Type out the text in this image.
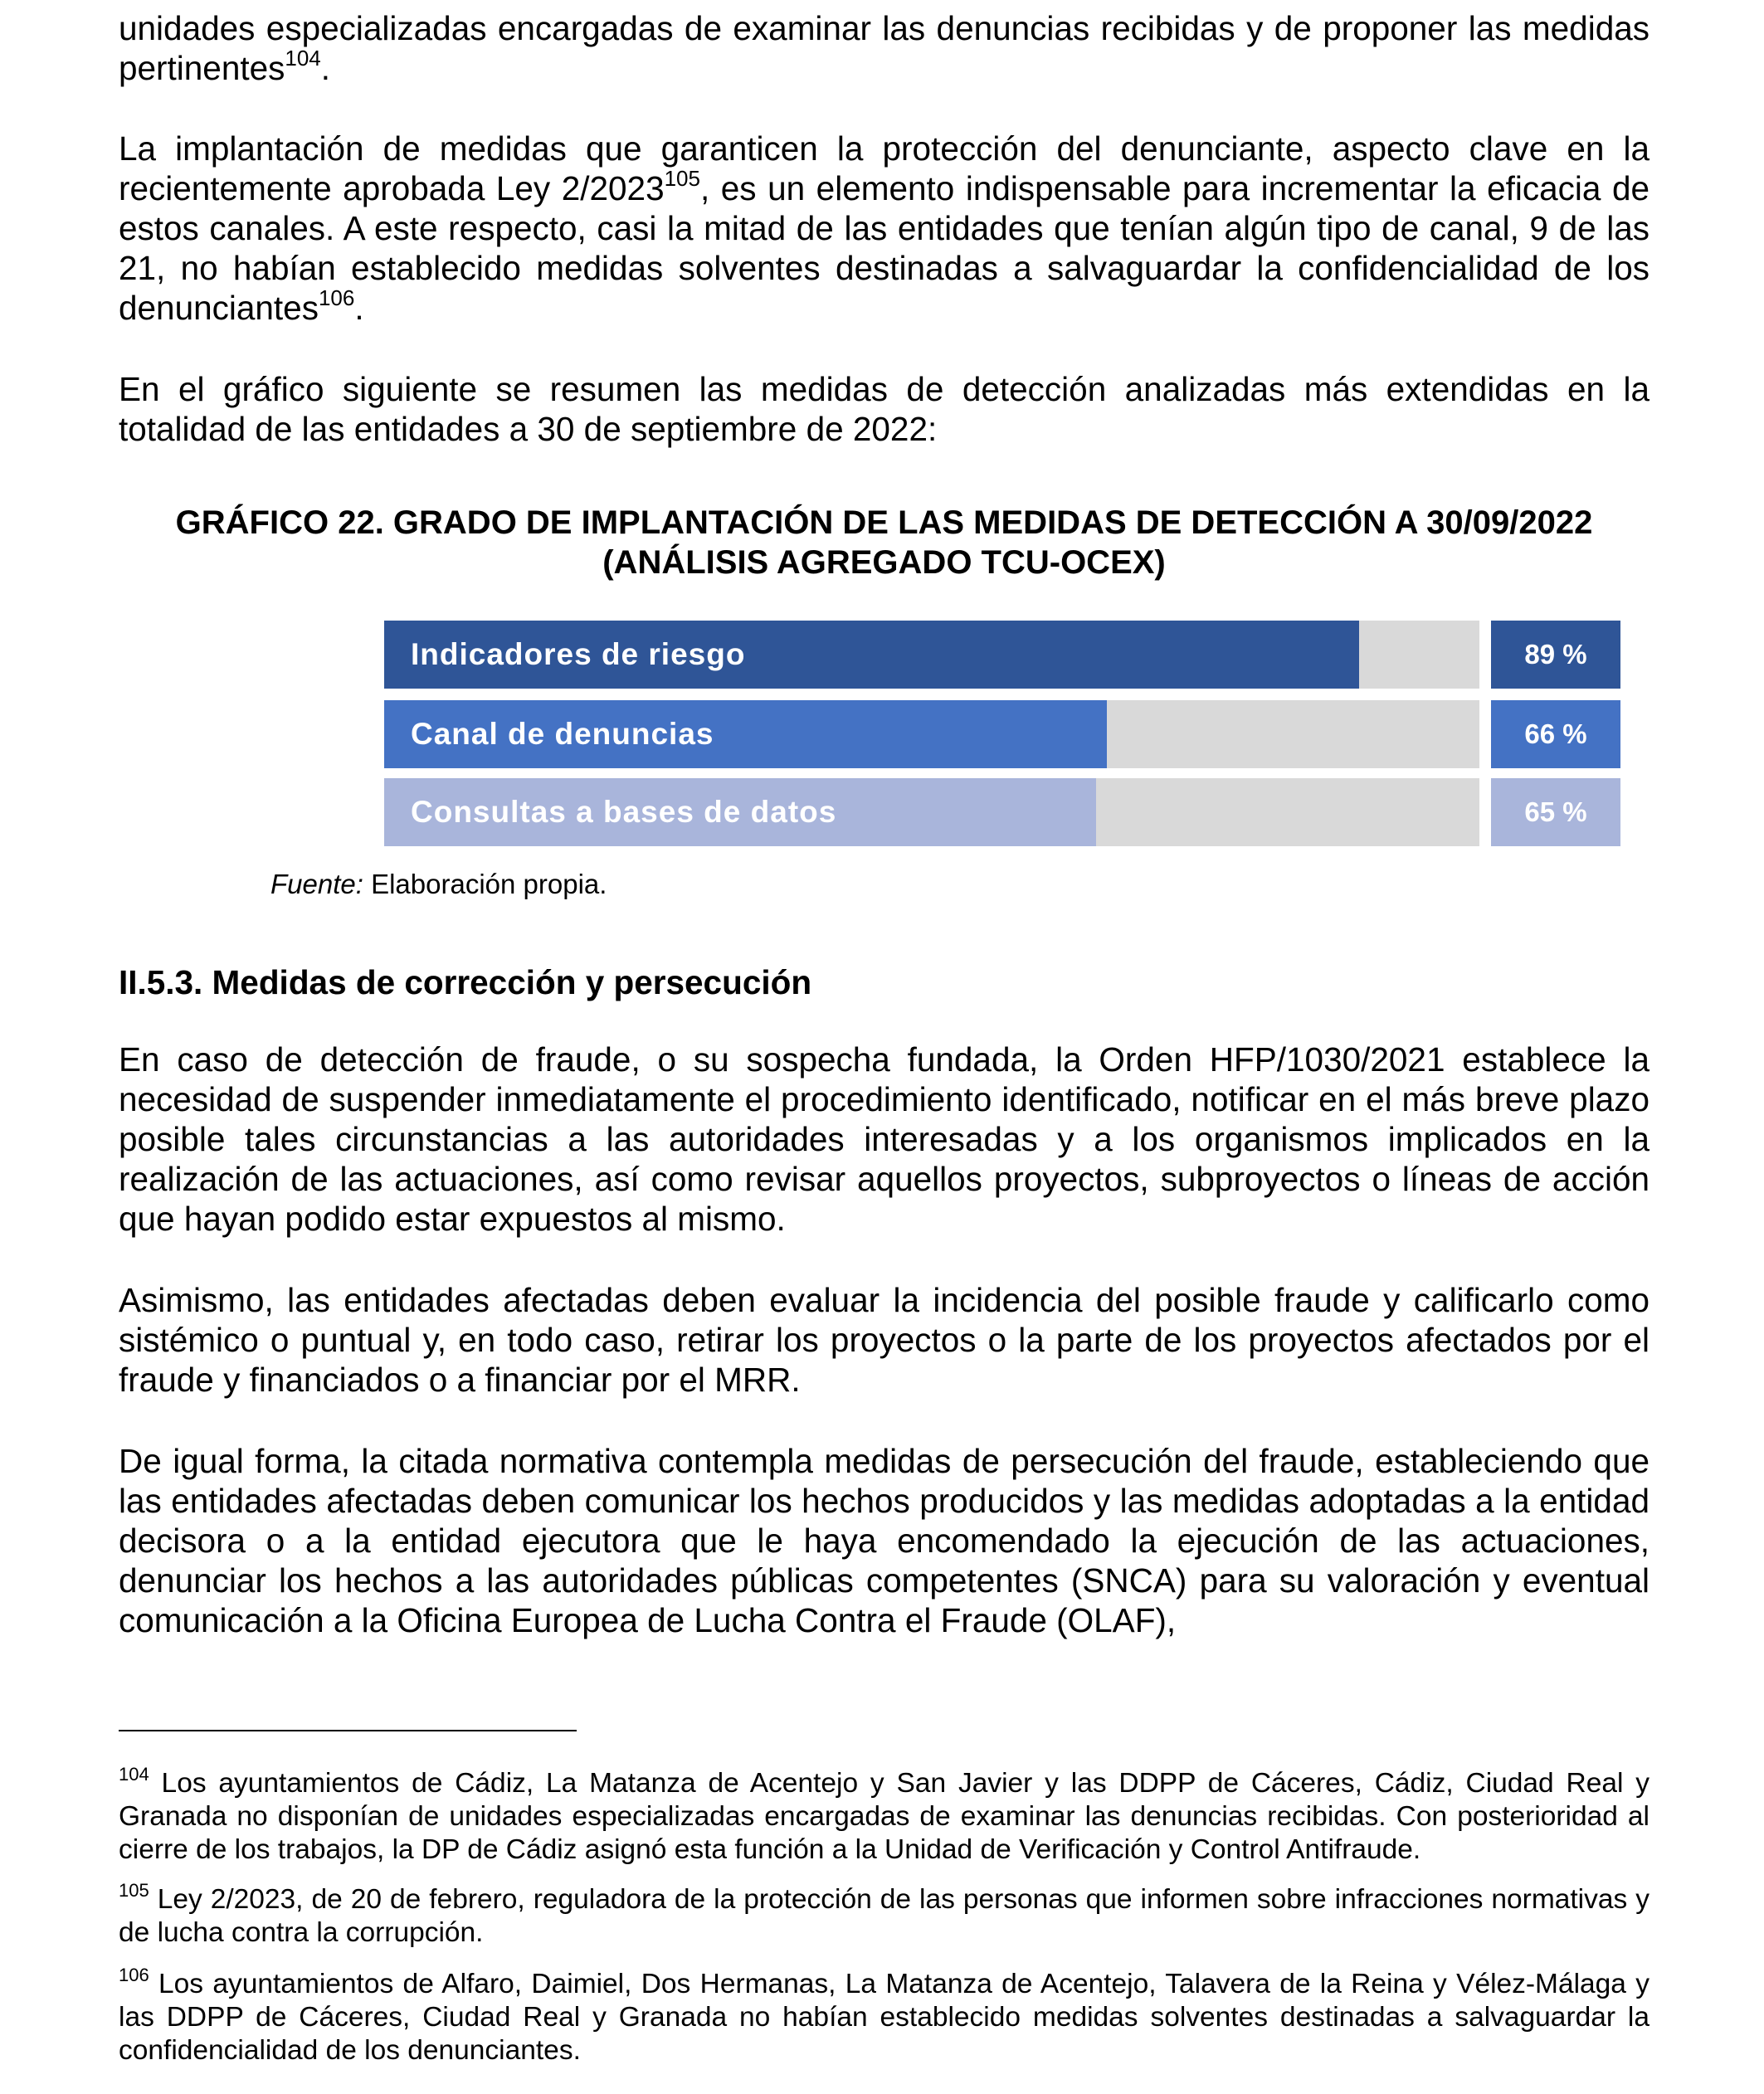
unidades especializadas encargadas de examinar las denuncias recibidas y de proponer las medidas pertinentes$^{104}$.

La implantación de medidas que garanticen la protección del denunciante, aspecto clave en la recientemente aprobada Ley 2/2023$^{105}$, es un elemento indispensable para incrementar la eficacia de estos canales. A este respecto, casi la mitad de las entidades que tenían algún tipo de canal, 9 de las 21, no habían establecido medidas solventes destinadas a salvaguardar la confidencialidad de los denunciantes$^{106}$.

En el gráfico siguiente se resumen las medidas de detección analizadas más extendidas en la totalidad de las entidades a 30 de septiembre de 2022:

GRÁFICO 22. GRADO DE IMPLANTACIÓN DE LAS MEDIDAS DE DETECCIÓN A 30/09/2022
(ANÁLISIS AGREGADO TCU-OCEX)
Indicadores de riesgo	89 %
Canal de denuncias	66 %
Consultas a bases de datos	65 %
Fuente: Elaboración propia.
II.5.3. Medidas de corrección y persecución

En caso de detección de fraude, o su sospecha fundada, la Orden HFP/1030/2021 establece la necesidad de suspender inmediatamente el procedimiento identificado, notificar en el más breve plazo posible tales circunstancias a las autoridades interesadas y a los organismos implicados en la realización de las actuaciones, así como revisar aquellos proyectos, subproyectos o líneas de acción que hayan podido estar expuestos al mismo.

Asimismo, las entidades afectadas deben evaluar la incidencia del posible fraude y calificarlo como sistémico o puntual y, en todo caso, retirar los proyectos o la parte de los proyectos afectados por el fraude y financiados o a financiar por el MRR.

De igual forma, la citada normativa contempla medidas de persecución del fraude, estableciendo que las entidades afectadas deben comunicar los hechos producidos y las medidas adoptadas a la entidad decisora o a la entidad ejecutora que le haya encomendado la ejecución de las actuaciones, denunciar los hechos a las autoridades públicas competentes (SNCA) para su valoración y eventual comunicación a la Oficina Europea de Lucha Contra el Fraude (OLAF),

$^{104}$ Los ayuntamientos de Cádiz, La Matanza de Acentejo y San Javier y las DDPP de Cáceres, Cádiz, Ciudad Real y Granada no disponían de unidades especializadas encargadas de examinar las denuncias recibidas. Con posterioridad al cierre de los trabajos, la DP de Cádiz asignó esta función a la Unidad de Verificación y Control Antifraude.

$^{105}$ Ley 2/2023, de 20 de febrero, reguladora de la protección de las personas que informen sobre infracciones normativas y de lucha contra la corrupción.

$^{106}$ Los ayuntamientos de Alfaro, Daimiel, Dos Hermanas, La Matanza de Acentejo, Talavera de la Reina y Vélez-Málaga y las DDPP de Cáceres, Ciudad Real y Granada no habían establecido medidas solventes destinadas a salvaguardar la confidencialidad de los denunciantes.
